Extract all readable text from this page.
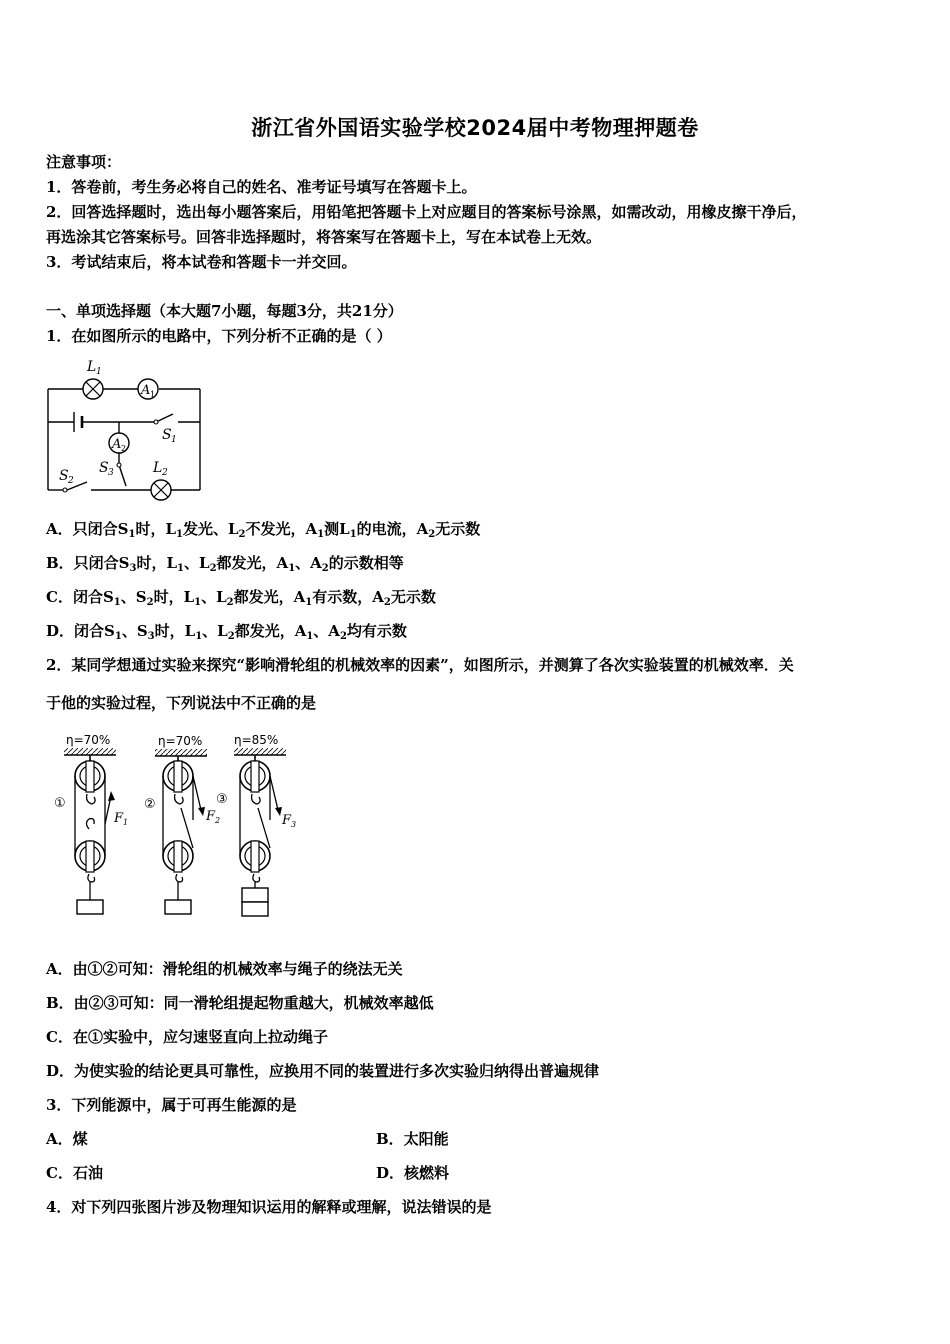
浙江省外国语实验学校2024届中考物理押题卷
注意事项：
1．答卷前，考生务必将自己的姓名、准考证号填写在答题卡上。
2．回答选择题时，选出每小题答案后，用铅笔把答题卡上对应题目的答案标号涂黑，如需改动，用橡皮擦干净后，
再选涂其它答案标号。回答非选择题时，将答案写在答题卡上，写在本试卷上无效。
3．考试结束后，将本试卷和答题卡一并交回。
一、单项选择题（本大题7小题，每题3分，共21分）
1．在如图所示的电路中，下列分析不正确的是（ ）
A 1
A 2
L 1
S 1
S 2
S 3	L 2
A．只闭合$S_1$时，$L_1$发光、$L_2$不发光，$A_1$测$L_1$的电流，$A_2$无示数
B．只闭合$S_3$时，$L_1$、$L_2$都发光，$A_1$、$A_2$的示数相等
C．闭合$S_1$、$S_2$时，$L_1$、$L_2$都发光，$A_1$有示数，$A_2$无示数
D．闭合$S_1$、$S_3$时，$L_1$、$L_2$都发光，$A_1$、$A_2$均有示数
2．某同学想通过实验来探究“影响滑轮组的机械效率的因素”，如图所示，并测算了各次实验装置的机械效率．关
于他的实验过程，下列说法中不正确的是
η=70%	η=70%	η=85%
①
F 1
②
F 2
③
F 3
A．由①②可知：滑轮组的机械效率与绳子的绕法无关
B．由②③可知：同一滑轮组提起物重越大，机械效率越低
C．在①实验中，应匀速竖直向上拉动绳子
D．为使实验的结论更具可靠性，应换用不同的装置进行多次实验归纳得出普遍规律
3．下列能源中，属于可再生能源的是
A．煤	B．太阳能
C．石油	D．核燃料
4．对下列四张图片涉及物理知识运用的解释或理解，说法错误的是
